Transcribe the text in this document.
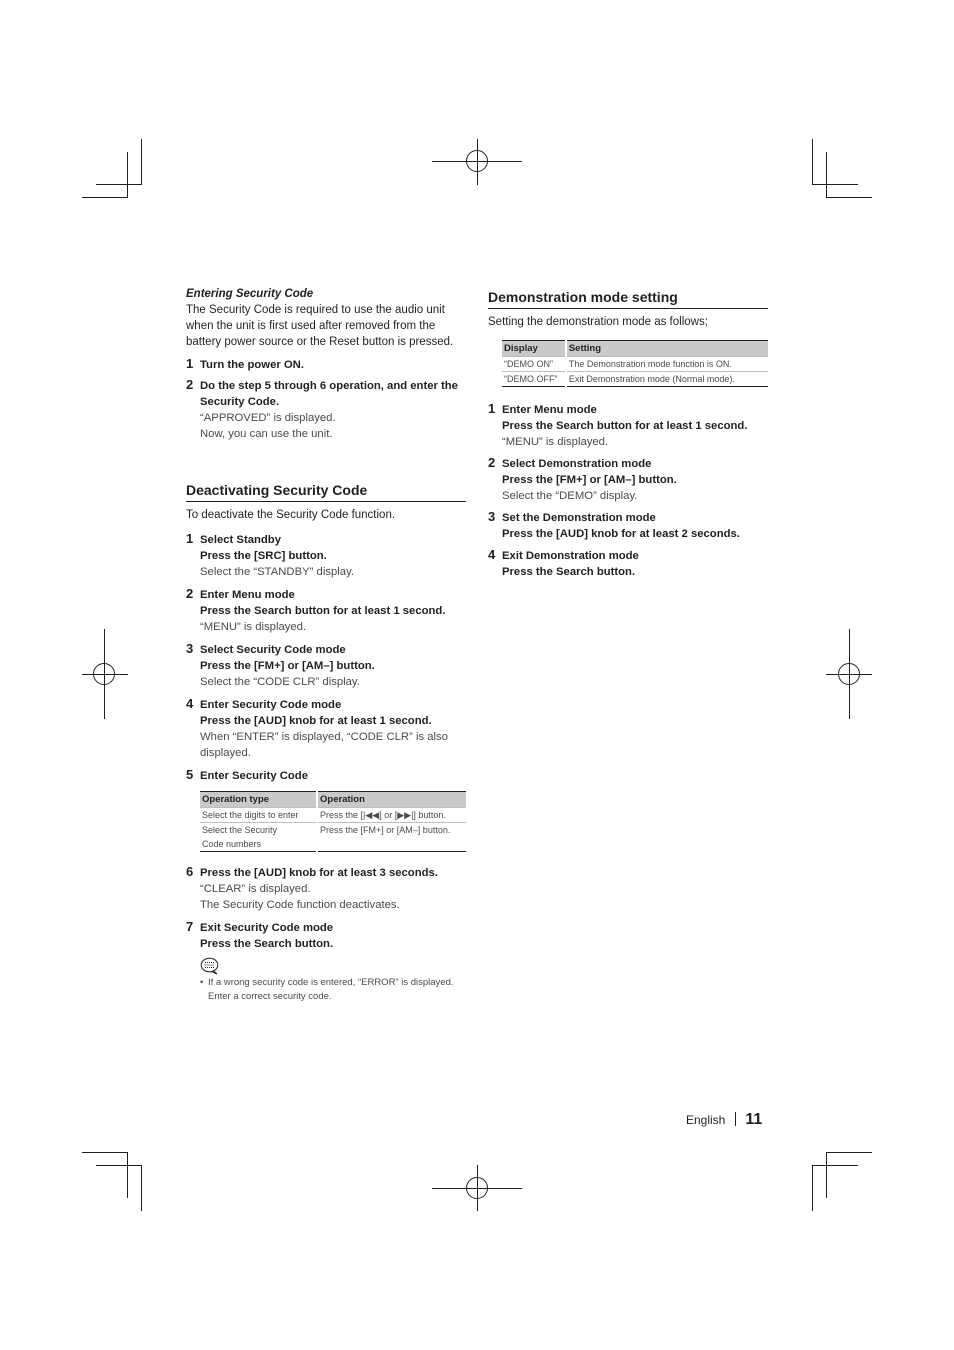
Entering Security Code

The Security Code is required to use the audio unit when the unit is first used after removed from the battery power source or the Reset button is pressed.

1 Turn the power ON.
2 Do the step 5 through 6 operation, and enter the Security Code.
“APPROVED” is displayed.
Now, you can use the unit.
Deactivating Security Code

To deactivate the Security Code function.

1 Select Standby
Press the [SRC] button.
Select the “STANDBY” display.
2 Enter Menu mode
Press the Search button for at least 1 second.
“MENU” is displayed.
3 Select Security Code mode
Press the [FM+] or [AM–] button.
Select the “CODE CLR” display.
4 Enter Security Code mode
Press the [AUD] knob for at least 1 second.
When “ENTER” is displayed, “CODE CLR” is also displayed.
5 Enter Security Code
Operation type	Operation
Select the digits to enter	Press the [|◀◀] or [▶▶|] button.
Select the Security Code numbers	Press the [FM+] or [AM–] button.
6 Press the [AUD] knob for at least 3 seconds.
“CLEAR” is displayed.
The Security Code function deactivates.
7 Exit Security Code mode
Press the Search button.
• If a wrong security code is entered, “ERROR” is displayed. Enter a correct security code.
Demonstration mode setting

Setting the demonstration mode as follows;

Display	Setting
“DEMO ON”	The Demonstration mode function is ON.
“DEMO OFF”	Exit Demonstration mode (Normal mode).
1 Enter Menu mode
Press the Search button for at least 1 second.
“MENU” is displayed.
2 Select Demonstration mode
Press the [FM+] or [AM–] button.
Select the “DEMO” display.
3 Set the Demonstration mode
Press the [AUD] knob for at least 2 seconds.
4 Exit Demonstration mode
Press the Search button.
English 11
